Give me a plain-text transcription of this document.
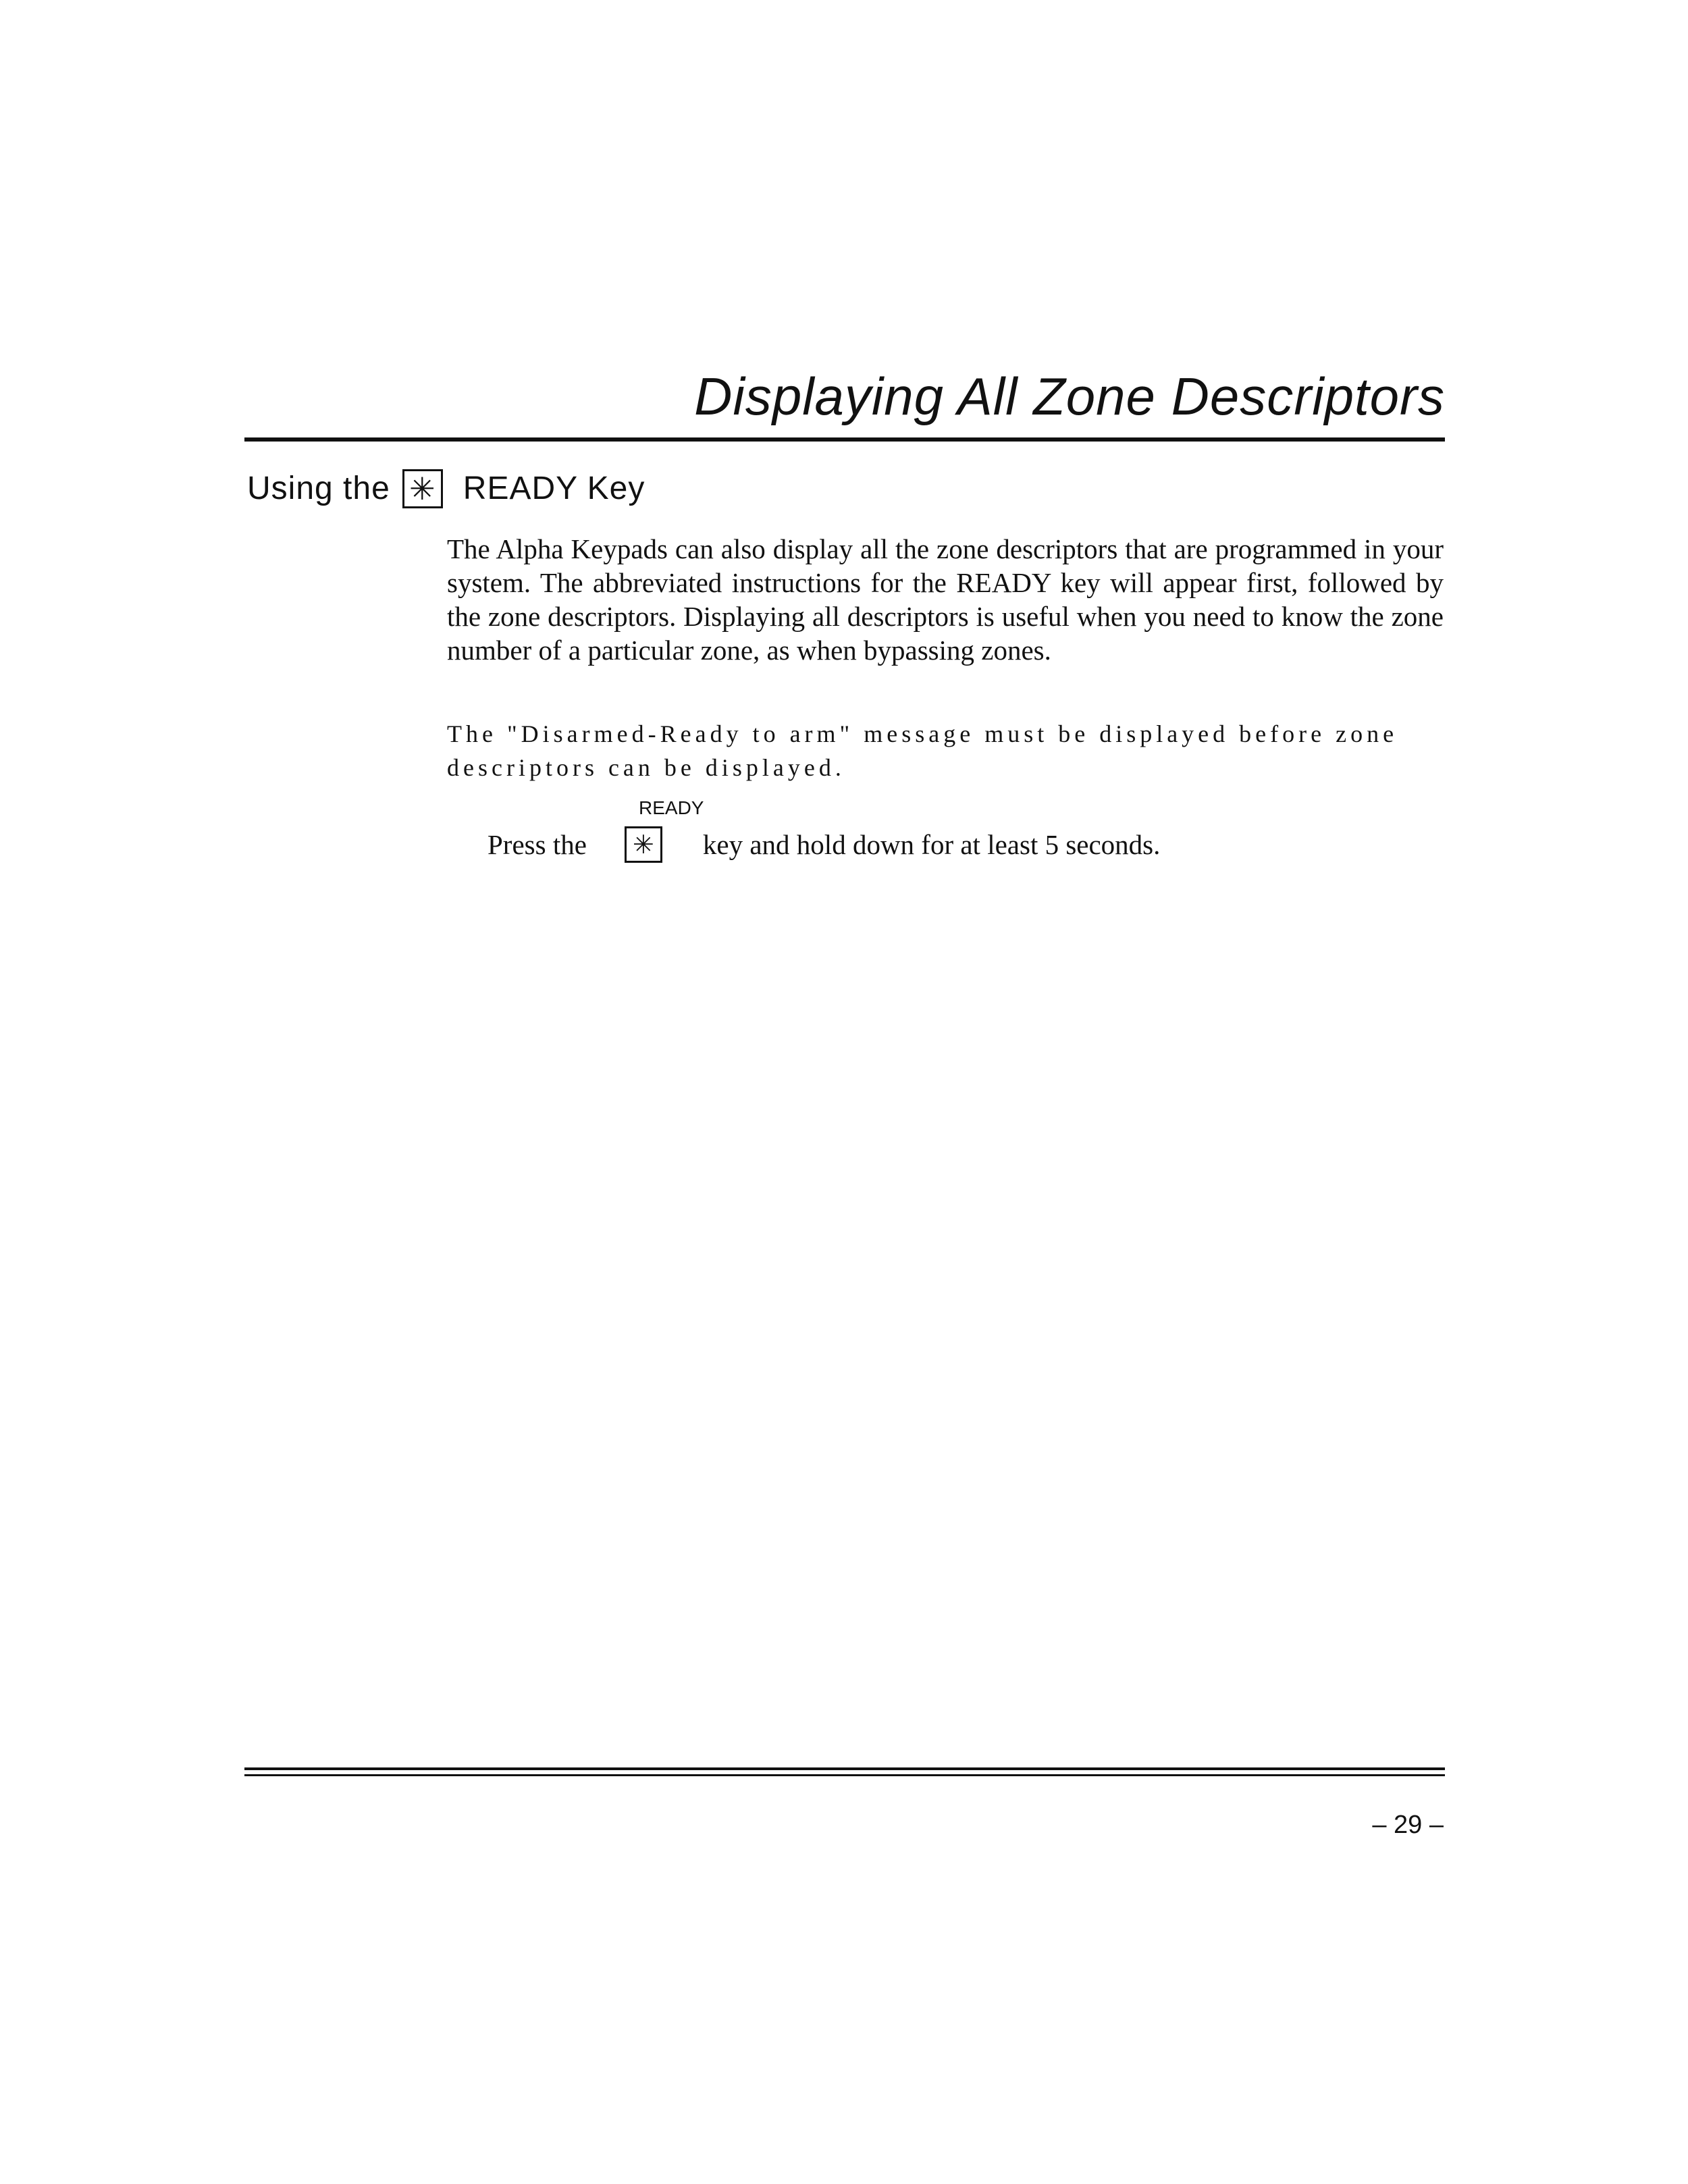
Displaying All Zone Descriptors
Using the ✳ READY Key

The Alpha Keypads can also display all the zone descriptors that are programmed in your system. The abbreviated instructions for the READY key will appear first, followed by the zone descriptors. Displaying all descriptors is useful when you need to know the zone number of a particular zone, as when bypassing zones.

The "Disarmed-Ready to arm" message must be displayed before zone descriptors can be displayed.

READY
Press the	✳ key and hold down for at least 5 seconds.
– 29 –
